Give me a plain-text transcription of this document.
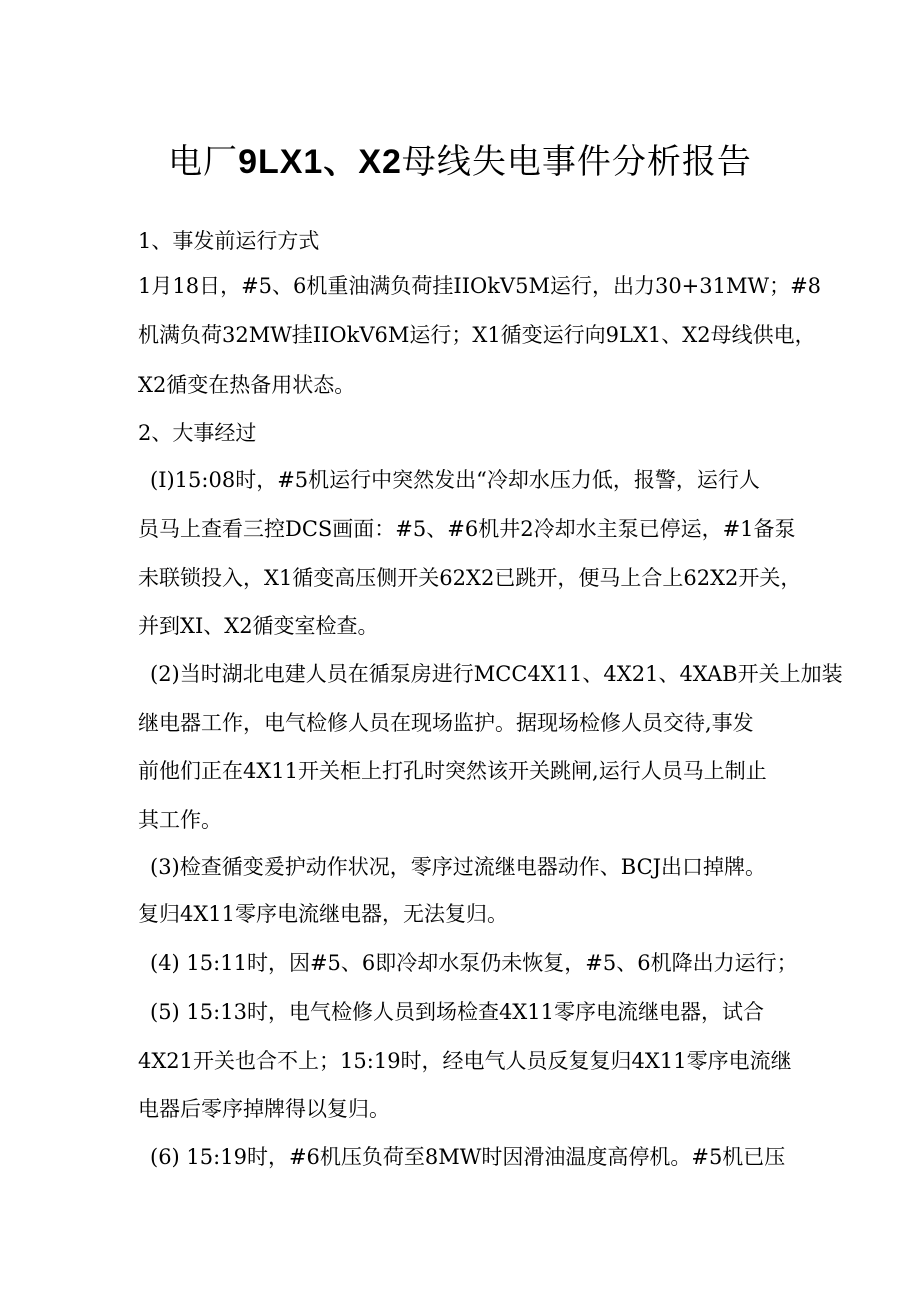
电厂9LX1、X2母线失电事件分析报告
1、事发前运行方式
1月18日，#5、6机重油满负荷挂IIOkV5M运行，出力30+31MW；#8
机满负荷32MW挂IIOkV6M运行；X1循变运行向9LX1、X2母线供电，
X2循变在热备用状态。
2、大事经过
(I)15:08时，#5机运行中突然发出“冷却水压力低，报警，运行人
员马上查看三控DCS画面：#5、#6机井2冷却水主泵已停运，#1备泵
未联锁投入，X1循变高压侧开关62X2已跳开，便马上合上62X2开关，
并到XI、X2循变室检查。
(2)当时湖北电建人员在循泵房进行MCC4X11、4X21、4XAB开关上加装
继电器工作，电气检修人员在现场监护。据现场检修人员交待,事发
前他们正在4X11开关柜上打孔时突然该开关跳闸,运行人员马上制止
其工作。
(3)检查循变爰护动作状况，零序过流继电器动作、BCJ出口掉牌。
复归4X11零序电流继电器，无法复归。
(4) 15:11时，因#5、6即冷却水泵仍未恢复，#5、6机降出力运行；
(5) 15:13时，电气检修人员到场检查4X11零序电流继电器，试合
4X21开关也合不上；15:19时，经电气人员反复复归4X11零序电流继
电器后零序掉牌得以复归。
(6) 15:19时，#6机压负荷至8MW时因滑油温度高停机。#5机已压
